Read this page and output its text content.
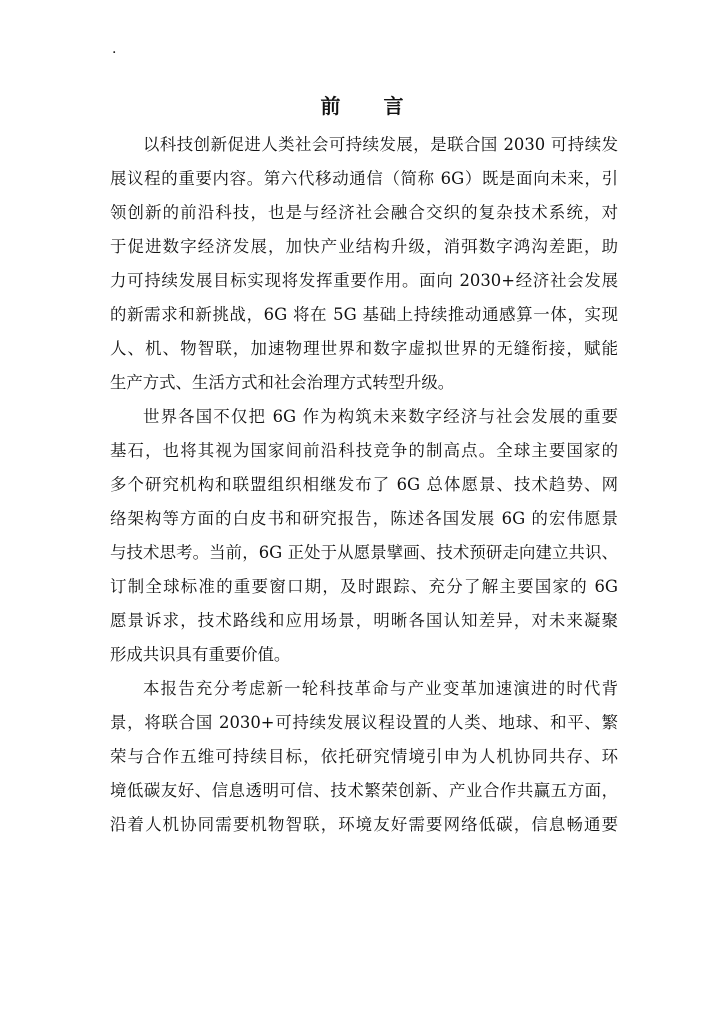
·
前 言
以科技创新促进人类社会可持续发展，是联合国 2030 可持续发
展议程的重要内容。第六代移动通信（简称 6G）既是面向未来，引
领创新的前沿科技，也是与经济社会融合交织的复杂技术系统，对
于促进数字经济发展，加快产业结构升级，消弭数字鸿沟差距，助
力可持续发展目标实现将发挥重要作用。面向 2030+经济社会发展
的新需求和新挑战，6G 将在 5G 基础上持续推动通感算一体，实现
人、机、物智联，加速物理世界和数字虚拟世界的无缝衔接，赋能
生产方式、生活方式和社会治理方式转型升级。
世界各国不仅把 6G 作为构筑未来数字经济与社会发展的重要
基石，也将其视为国家间前沿科技竞争的制高点。全球主要国家的
多个研究机构和联盟组织相继发布了 6G 总体愿景、技术趋势、网
络架构等方面的白皮书和研究报告，陈述各国发展 6G 的宏伟愿景
与技术思考。当前，6G 正处于从愿景擘画、技术预研走向建立共识、
订制全球标准的重要窗口期，及时跟踪、充分了解主要国家的 6G
愿景诉求，技术路线和应用场景，明晰各国认知差异，对未来凝聚
形成共识具有重要价值。
本报告充分考虑新一轮科技革命与产业变革加速演进的时代背
景，将联合国 2030+可持续发展议程设置的人类、地球、和平、繁
荣与合作五维可持续目标，依托研究情境引申为人机协同共存、环
境低碳友好、信息透明可信、技术繁荣创新、产业合作共赢五方面，
沿着人机协同需要机物智联，环境友好需要网络低碳，信息畅通要
